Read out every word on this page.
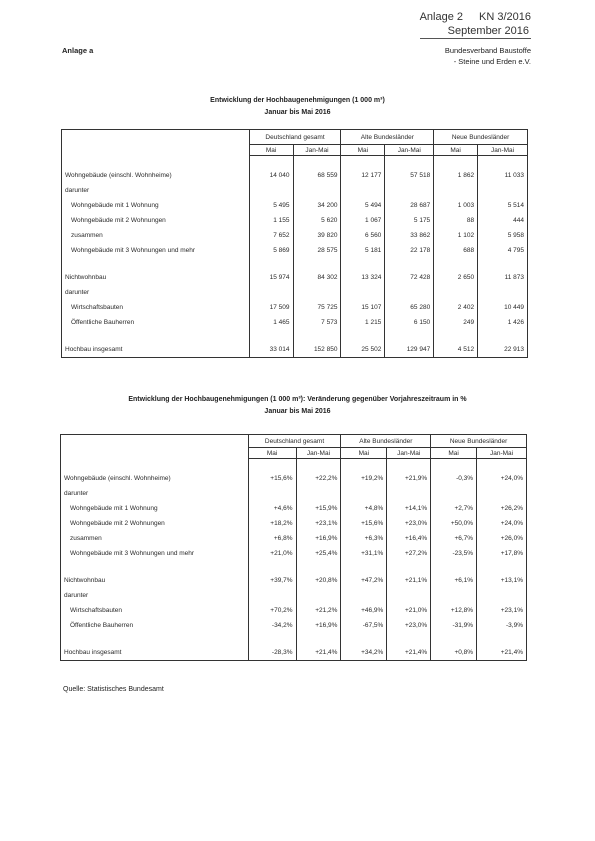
Anlage 2 KN 3/2016
September 2016
Anlage a	Bundesverband Baustoffe
- Steine und Erden e.V.
Entwicklung der Hochbaugenehmigungen (1 000 m³)
Januar bis Mai 2016
	Deutschland gesamt		Alte Bundesländer		Neue Bundesländer	
	Mai	Jan-Mai	Mai	Jan-Mai	Mai	Jan-Mai

Wohngebäude (einschl. Wohnheime)	14 040	68 559	12 177	57 518	1 862	11 033
darunter						
Wohngebäude mit 1 Wohnung	5 495	34 200	5 494	28 687	1 003	5 514
Wohngebäude mit 2 Wohnungen	1 155	5 620	1 067	5 175	88	444
zusammen	7 652	39 820	6 560	33 862	1 102	5 958
Wohngebäude mit 3 Wohnungen und mehr	5 869	28 575	5 181	22 178	688	4 795

Nichtwohnbau	15 974	84 302	13 324	72 428	2 650	11 873
darunter						
Wirtschaftsbauten	17 509	75 725	15 107	65 280	2 402	10 449
Öffentliche Bauherren	1 465	7 573	1 215	6 150	249	1 426

Hochbau insgesamt	33 014	152 850	25 502	129 947	4 512	22 913
Entwicklung der Hochbaugenehmigungen (1 000 m³): Veränderung gegenüber Vorjahreszeitraum in %
Januar bis Mai 2016
	Deutschland gesamt		Alte Bundesländer		Neue Bundesländer	
	Mai	Jan-Mai	Mai	Jan-Mai	Mai	Jan-Mai

Wohngebäude (einschl. Wohnheime)	+15,6%	+22,2%	+19,2%	+21,9%	-0,3%	+24,0%
darunter						
Wohngebäude mit 1 Wohnung	+4,6%	+15,9%	+4,8%	+14,1%	+2,7%	+26,2%
Wohngebäude mit 2 Wohnungen	+18,2%	+23,1%	+15,6%	+23,0%	+50,0%	+24,0%
zusammen	+6,8%	+16,9%	+6,3%	+16,4%	+6,7%	+26,0%
Wohngebäude mit 3 Wohnungen und mehr	+21,0%	+25,4%	+31,1%	+27,2%	-23,5%	+17,8%

Nichtwohnbau	+39,7%	+20,8%	+47,2%	+21,1%	+6,1%	+13,1%
darunter						
Wirtschaftsbauten	+70,2%	+21,2%	+46,9%	+21,0%	+12,8%	+23,1%
Öffentliche Bauherren	-34,2%	+16,9%	-67,5%	+23,0%	-31,9%	-3,9%

Hochbau insgesamt	-28,3%	+21,4%	+34,2%	+21,4%	+0,8%	+21,4%
Quelle: Statistisches Bundesamt
